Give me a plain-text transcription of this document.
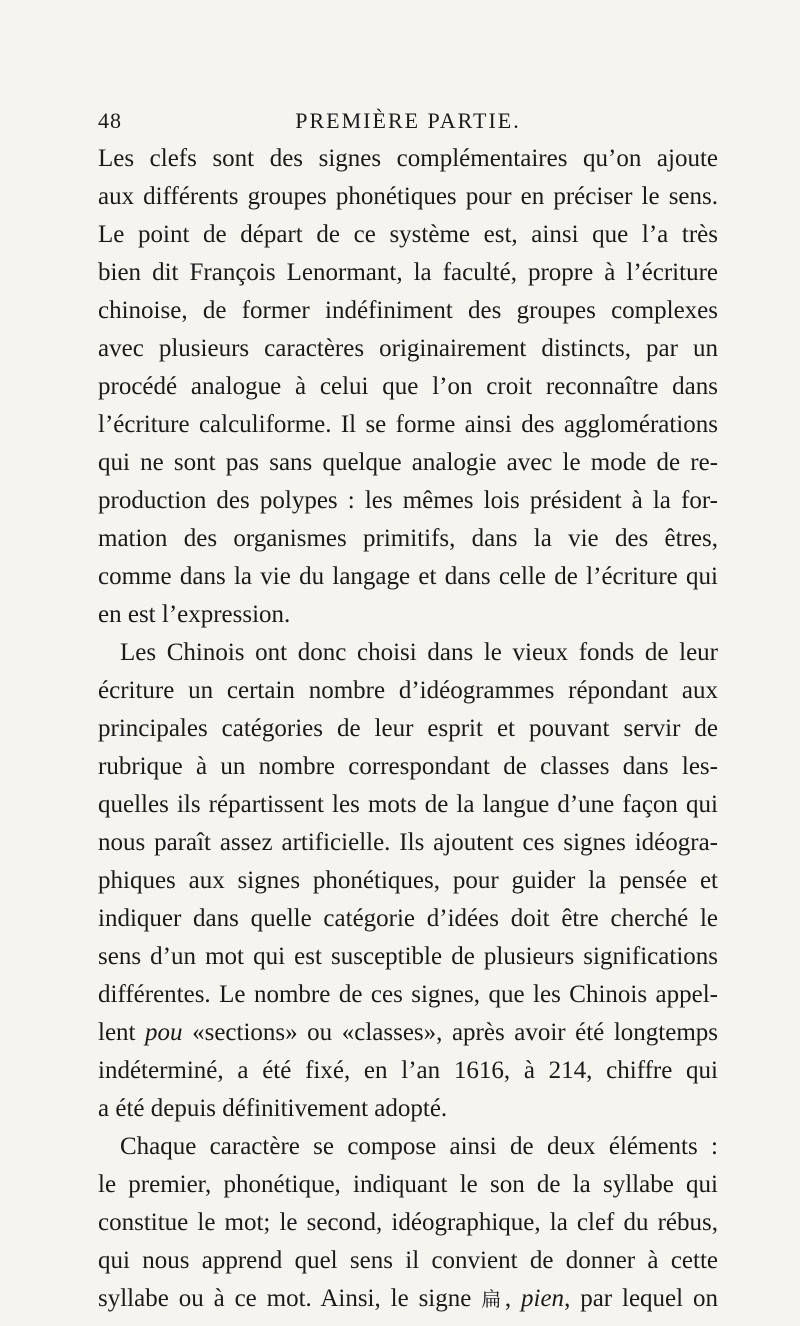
48	PREMIÈRE PARTIE.
Les clefs sont des signes complémentaires qu’on ajoute
aux différents groupes phonétiques pour en préciser le sens.
Le point de départ de ce système est, ainsi que l’a très
bien dit François Lenormant, la faculté, propre à l’écriture
chinoise, de former indéfiniment des groupes complexes
avec plusieurs caractères originairement distincts, par un
procédé analogue à celui que l’on croit reconnaître dans
l’écriture calculiforme. Il se forme ainsi des agglomérations
qui ne sont pas sans quelque analogie avec le mode de re-
production des polypes : les mêmes lois président à la for-
mation des organismes primitifs, dans la vie des êtres,
comme dans la vie du langage et dans celle de l’écriture qui
en est l’expression.
Les Chinois ont donc choisi dans le vieux fonds de leur
écriture un certain nombre d’idéogrammes répondant aux
principales catégories de leur esprit et pouvant servir de
rubrique à un nombre correspondant de classes dans les-
quelles ils répartissent les mots de la langue d’une façon qui
nous paraît assez artificielle. Ils ajoutent ces signes idéogra-
phiques aux signes phonétiques, pour guider la pensée et
indiquer dans quelle catégorie d’idées doit être cherché le
sens d’un mot qui est susceptible de plusieurs significations
différentes. Le nombre de ces signes, que les Chinois appel-
lent pou «sections» ou «classes», après avoir été longtemps
indéterminé, a été fixé, en l’an 1616, à 214, chiffre qui
a été depuis définitivement adopté.
Chaque caractère se compose ainsi de deux éléments :
le premier, phonétique, indiquant le son de la syllabe qui
constitue le mot; le second, idéographique, la clef du rébus,
qui nous apprend quel sens il convient de donner à cette
syllabe ou à ce mot. Ainsi, le signe 扁, pien, par lequel on
